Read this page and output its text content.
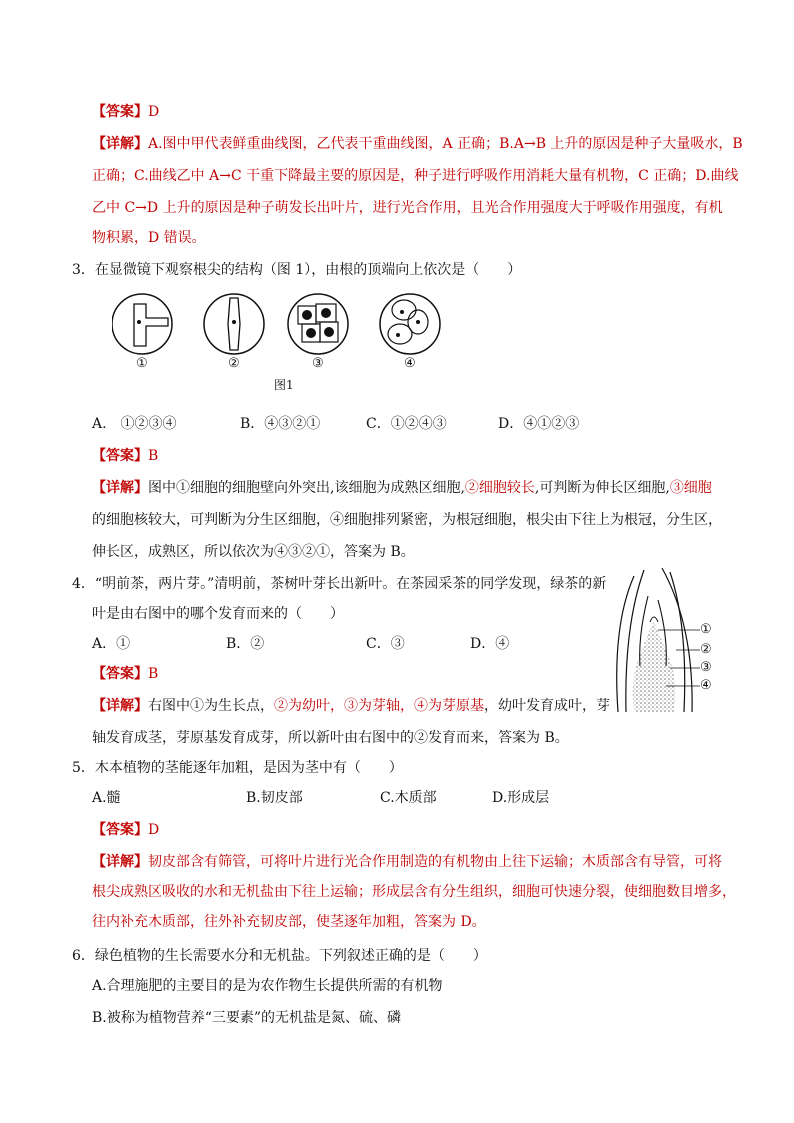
【答案】D
【详解】A.图中甲代表鲜重曲线图，乙代表干重曲线图，A 正确；B.A→B 上升的原因是种子大量吸水，B
正确；C.曲线乙中 A→C 干重下降最主要的原因是，种子进行呼吸作用消耗大量有机物，C 正确；D.曲线
乙中 C→D 上升的原因是种子萌发长出叶片，进行光合作用，且光合作用强度大于呼吸作用强度，有机
物积累，D 错误。
3．在显微镜下观察根尖的结构（图 1），由根的顶端向上依次是（　　）
①	②	③	④
图1
A.　①②③④	B．④③②①	C．①②④③	D．④①②③
【答案】B
【详解】图中①细胞的细胞壁向外突出,该细胞为成熟区细胞,②细胞较长,可判断为伸长区细胞,③细胞
的细胞核较大，可判断为分生区细胞，④细胞排列紧密，为根冠细胞，根尖由下往上为根冠，分生区，
伸长区，成熟区，所以依次为④③②①，答案为 B。
4．“明前茶，两片芽。”清明前，茶树叶芽长出新叶。在茶园采茶的同学发现，绿茶的新
叶是由右图中的哪个发育而来的（　　）
A．①	B．②	C．③	D．④
①
②
③
④
【答案】B
【详解】右图中①为生长点，②为幼叶，③为芽轴，④为芽原基，幼叶发育成叶，芽
轴发育成茎，芽原基发育成芽，所以新叶由右图中的②发育而来，答案为 B。
5．木本植物的茎能逐年加粗，是因为茎中有（　　）
A.髓	B.韧皮部	C.木质部	D.形成层
【答案】D
【详解】韧皮部含有筛管，可将叶片进行光合作用制造的有机物由上往下运输；木质部含有导管，可将
根尖成熟区吸收的水和无机盐由下往上运输；形成层含有分生组织，细胞可快速分裂，使细胞数目增多，
往内补充木质部，往外补充韧皮部，使茎逐年加粗，答案为 D。
6．绿色植物的生长需要水分和无机盐。下列叙述正确的是（　　）
A.合理施肥的主要目的是为农作物生长提供所需的有机物
B.被称为植物营养“三要素”的无机盐是氮、硫、磷
